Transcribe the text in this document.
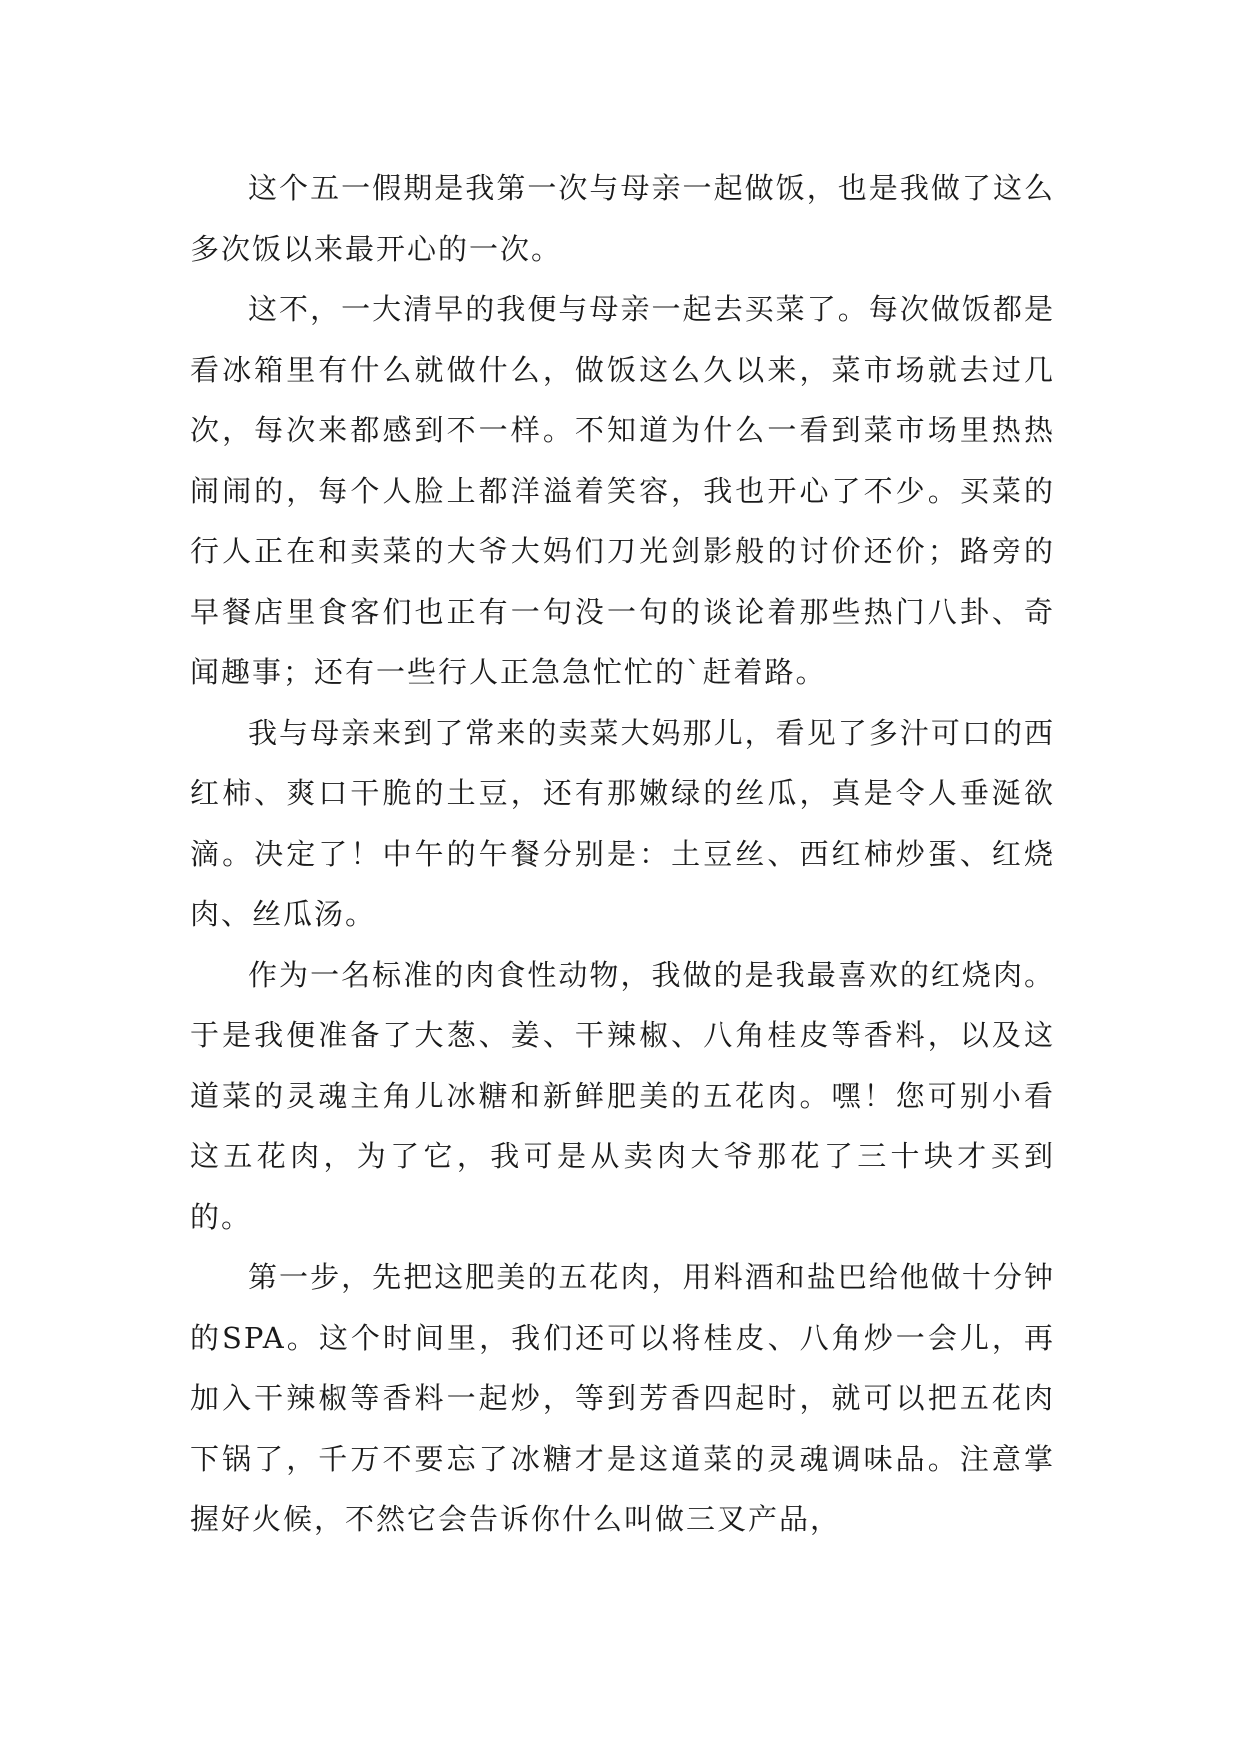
这个五一假期是我第一次与母亲一起做饭，也是我做了这么多次饭以来最开心的一次。

这不，一大清早的我便与母亲一起去买菜了。每次做饭都是看冰箱里有什么就做什么，做饭这么久以来，菜市场就去过几次，每次来都感到不一样。不知道为什么一看到菜市场里热热闹闹的，每个人脸上都洋溢着笑容，我也开心了不少。买菜的行人正在和卖菜的大爷大妈们刀光剑影般的讨价还价；路旁的早餐店里食客们也正有一句没一句的谈论着那些热门八卦、奇闻趣事；还有一些行人正急急忙忙的`赶着路。

我与母亲来到了常来的卖菜大妈那儿，看见了多汁可口的西红柿、爽口干脆的土豆，还有那嫩绿的丝瓜，真是令人垂涎欲滴。决定了！中午的午餐分别是：土豆丝、西红柿炒蛋、红烧肉、丝瓜汤。

作为一名标准的肉食性动物，我做的是我最喜欢的红烧肉。于是我便准备了大葱、姜、干辣椒、八角桂皮等香料，以及这道菜的灵魂主角儿冰糖和新鲜肥美的五花肉。嘿！您可别小看这五花肉，为了它，我可是从卖肉大爷那花了三十块才买到的。

第一步，先把这肥美的五花肉，用料酒和盐巴给他做十分钟的SPA。这个时间里，我们还可以将桂皮、八角炒一会儿，再加入干辣椒等香料一起炒，等到芳香四起时，就可以把五花肉下锅了，千万不要忘了冰糖才是这道菜的灵魂调味品。注意掌握好火候，不然它会告诉你什么叫做三叉产品，
